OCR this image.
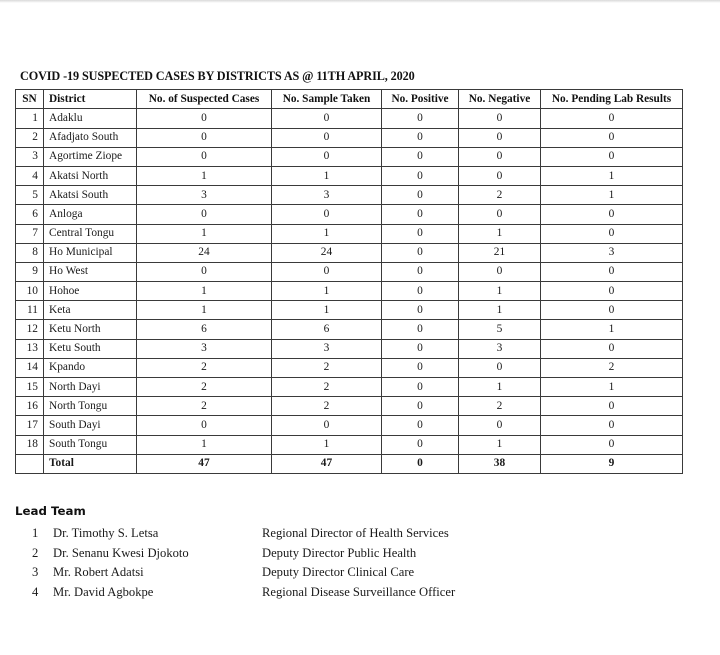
COVID -19 SUSPECTED CASES BY DISTRICTS AS @ 11TH APRIL, 2020
SN	District	No. of Suspected Cases	No. Sample Taken	No. Positive	No. Negative	No. Pending Lab Results
1	Adaklu	0	0	0	0	0
2	Afadjato South	0	0	0	0	0
3	Agortime Ziope	0	0	0	0	0
4	Akatsi North	1	1	0	0	1
5	Akatsi South	3	3	0	2	1
6	Anloga	0	0	0	0	0
7	Central Tongu	1	1	0	1	0
8	Ho Municipal	24	24	0	21	3
9	Ho West	0	0	0	0	0
10	Hohoe	1	1	0	1	0
11	Keta	1	1	0	1	0
12	Ketu North	6	6	0	5	1
13	Ketu South	3	3	0	3	0
14	Kpando	2	2	0	0	2
15	North Dayi	2	2	0	1	1
16	North Tongu	2	2	0	2	0
17	South Dayi	0	0	0	0	0
18	South Tongu	1	1	0	1	0
	Total	47	47	0	38	9
Lead Team
1 Dr. Timothy S. Letsa	Regional Director of Health Services
2 Dr. Senanu Kwesi Djokoto	Deputy Director Public Health
3 Mr. Robert Adatsi	Deputy Director Clinical Care
4 Mr. David Agbokpe	Regional Disease Surveillance Officer
